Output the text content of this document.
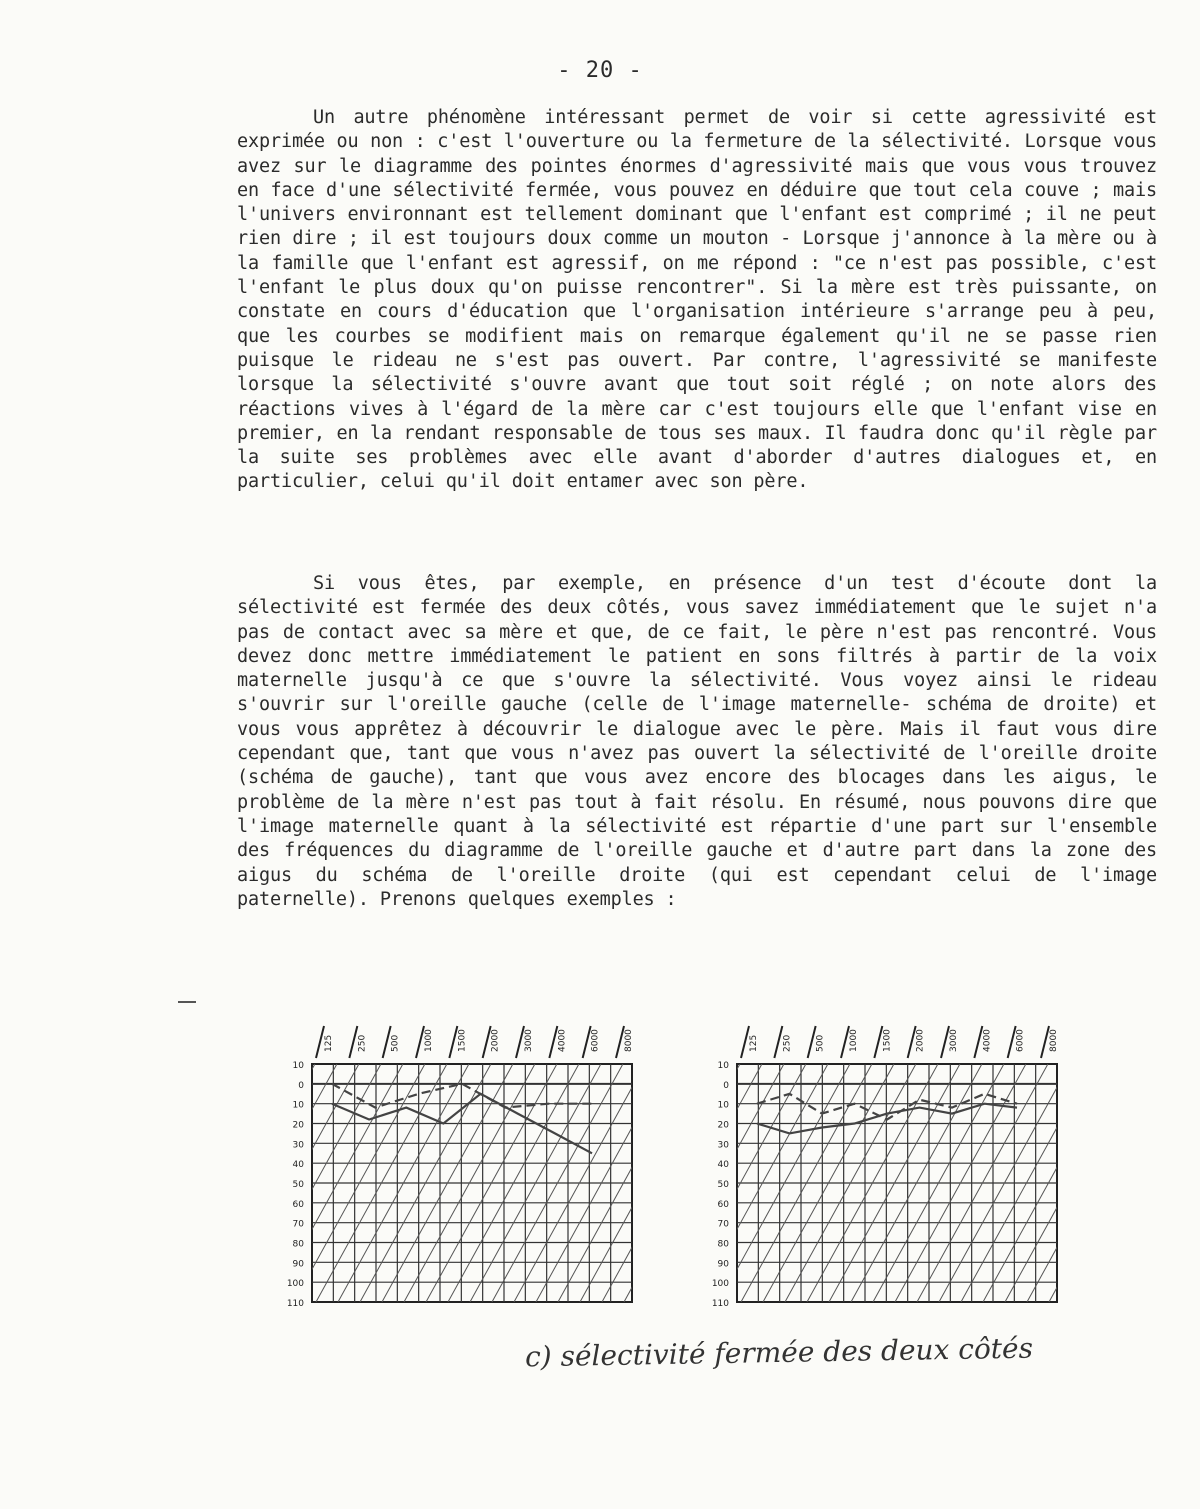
- 20 -

Un autre phénomène intéressant permet de voir si cette agressivité est exprimée ou non : c'est l'ouverture ou la fermeture de la sélectivité. Lorsque vous avez sur le diagramme des pointes énormes d'agressivité mais que vous vous trouvez en face d'une sélectivité fermée, vous pouvez en déduire que tout cela couve ; mais l'univers environnant est tellement dominant que l'enfant est comprimé ; il ne peut rien dire ; il est toujours doux comme un mouton - Lorsque j'annonce à la mère ou à la famille que l'enfant est agressif, on me répond : "ce n'est pas possible, c'est l'enfant le plus doux qu'on puisse rencontrer". Si la mère est très puissante, on constate en cours d'éducation que l'organisation intérieure s'arrange peu à peu, que les courbes se modifient mais on remarque également qu'il ne se passe rien puisque le rideau ne s'est pas ouvert. Par contre, l'agressivité se manifeste lorsque la sélectivité s'ouvre avant que tout soit réglé ; on note alors des réactions vives à l'égard de la mère car c'est toujours elle que l'enfant vise en premier, en la rendant responsable de tous ses maux. Il faudra donc qu'il règle par la suite ses problèmes avec elle avant d'aborder d'autres dialogues et, en particulier, celui qu'il doit entamer avec son père.

Si vous êtes, par exemple, en présence d'un test d'écoute dont la sélectivité est fermée des deux côtés, vous savez immédiatement que le sujet n'a pas de contact avec sa mère et que, de ce fait, le père n'est pas rencontré. Vous devez donc mettre immédiatement le patient en sons filtrés à partir de la voix maternelle jusqu'à ce que s'ouvre la sélectivité. Vous voyez ainsi le rideau s'ouvrir sur l'oreille gauche (celle de l'image maternelle- schéma de droite) et vous vous apprêtez à découvrir le dialogue avec le père. Mais il faut vous dire cependant que, tant que vous n'avez pas ouvert la sélectivité de l'oreille droite (schéma de gauche), tant que vous avez encore des blocages dans les aigus, le problème de la mère n'est pas tout à fait résolu. En résumé, nous pouvons dire que l'image maternelle quant à la sélectivité est répartie d'une part sur l'ensemble des fréquences du diagramme de l'oreille gauche et d'autre part dans la zone des aigus du schéma de l'oreille droite (qui est cependant celui de l'image paternelle). Prenons quelques exemples :

10
0
10
20
30
40
50
60
70
80
90
100
110
125	250	500	1000	1500	2000	3000	4000	6000	8000
10
0
10
20
30
40
50
60
70
80
90
100
110
125	250	500	1000	1500	2000	3000	4000	6000	8000
c) sélectivité fermée des deux côtés
